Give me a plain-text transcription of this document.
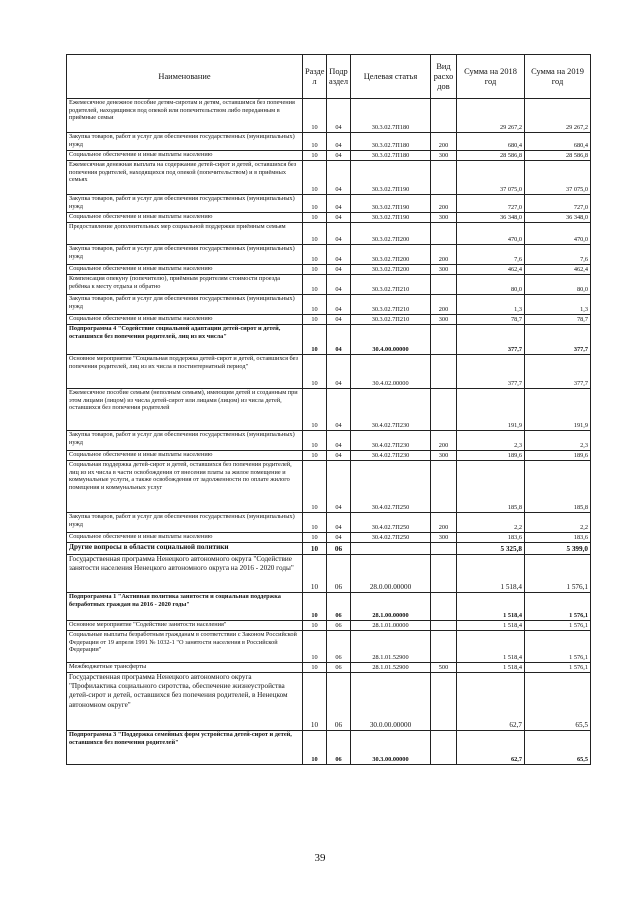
Наименование	Разде л	Подр аздел	Целевая статья	Вид расхо дов	Сумма на 2018 год	Сумма на 2019 год
Ежемесячное денежное пособие детям-сиротам и детям, оставшимся без попечения родителей, находящимся под опекой или попечительством либо переданным в приёмные семьи	10	04	30.3.02.7П180		29 267,2	29 267,2
Закупка товаров, работ и услуг для обеспечения государственных (муниципальных) нужд	10	04	30.3.02.7П180	200	680,4	680,4
Социальное обеспечение и иные выплаты населению	10	04	30.3.02.7П180	300	28 586,8	28 586,8
Ежемесячная денежная выплата на содержание детей-сирот и детей, оставшихся без попечения родителей, находящихся под опекой (попечительством) и в приёмных семьях	10	04	30.3.02.7П190		37 075,0	37 075,0
Закупка товаров, работ и услуг для обеспечения государственных (муниципальных) нужд	10	04	30.3.02.7П190	200	727,0	727,0
Социальное обеспечение и иные выплаты населению	10	04	30.3.02.7П190	300	36 348,0	36 348,0
Предоставление дополнительных мер социальной поддержки приёмным семьям	10	04	30.3.02.7П200		470,0	470,0
Закупка товаров, работ и услуг для обеспечения государственных (муниципальных) нужд	10	04	30.3.02.7П200	200	7,6	7,6
Социальное обеспечение и иные выплаты населению	10	04	30.3.02.7П200	300	462,4	462,4
Компенсация опекуну (попечителю), приёмным родителям стоимости проезда ребёнка к месту отдыха и обратно	10	04	30.3.02.7П210		80,0	80,0
Закупка товаров, работ и услуг для обеспечения государственных (муниципальных) нужд	10	04	30.3.02.7П210	200	1,3	1,3
Социальное обеспечение и иные выплаты населению	10	04	30.3.02.7П210	300	78,7	78,7
Подпрограмма 4 "Содействие социальной адаптации детей-сирот и детей, оставшихся без попечения родителей, лиц из их числа"	10	04	30.4.00.00000		377,7	377,7
Основное мероприятие "Социальная поддержка детей-сирот и детей, оставшихся без попечения родителей, лиц из их числа в постинтернатный период"	10	04	30.4.02.00000		377,7	377,7
Ежемесячное пособие семьям (неполным семьям), имеющим детей и созданным при этом лицами (лицом) из числа детей-сирот или лицами (лицом) из числа детей, оставшихся без попечения родителей	10	04	30.4.02.7П230		191,9	191,9
Закупка товаров, работ и услуг для обеспечения государственных (муниципальных) нужд	10	04	30.4.02.7П230	200	2,3	2,3
Социальное обеспечение и иные выплаты населению	10	04	30.4.02.7П230	300	189,6	189,6
Социальная поддержка детей-сирот и детей, оставшихся без попечения родителей, лиц из их числа в части освобождения от внесения платы за жилое помещение и коммунальные услуги, а также освобождения от задолженности по оплате жилого помещения и коммунальных услуг	10	04	30.4.02.7П250		185,8	185,8
Закупка товаров, работ и услуг для обеспечения государственных (муниципальных) нужд	10	04	30.4.02.7П250	200	2,2	2,2
Социальное обеспечение и иные выплаты населению	10	04	30.4.02.7П250	300	183,6	183,6
Другие вопросы в области социальной политики	10	06			5 325,8	5 399,0
Государственная программа Ненецкого автономного округа "Содействие занятости населения Ненецкого автономного округа на 2016 - 2020 годы"	10	06	28.0.00.00000		1 518,4	1 576,1
Подпрограмма 1 "Активная политика занятости и социальная поддержка безработных граждан на 2016 - 2020 годы"	10	06	28.1.00.00000		1 518,4	1 576,1
Основное мероприятие "Содействие занятости населения"	10	06	28.1.01.00000		1 518,4	1 576,1
Социальные выплаты безработным гражданам в соответствии с Законом Российской Федерации от 19 апреля 1991 № 1032-1 "О занятости населения в Российской Федерации"	10	06	28.1.01.52900		1 518,4	1 576,1
Межбюджетные трансферты	10	06	28.1.01.52900	500	1 518,4	1 576,1
Государственная программа Ненецкого автономного округа "Профилактика социального сиротства, обеспечение жизнеустройства детей-сирот и детей, оставшихся без попечения родителей, в Ненецком автономном округе"	10	06	30.0.00.00000		62,7	65,5
Подпрограмма 3 "Поддержка семейных форм устройства детей-сирот и детей, оставшихся без попечения родителей"	10	06	30.3.00.00000		62,7	65,5
39
